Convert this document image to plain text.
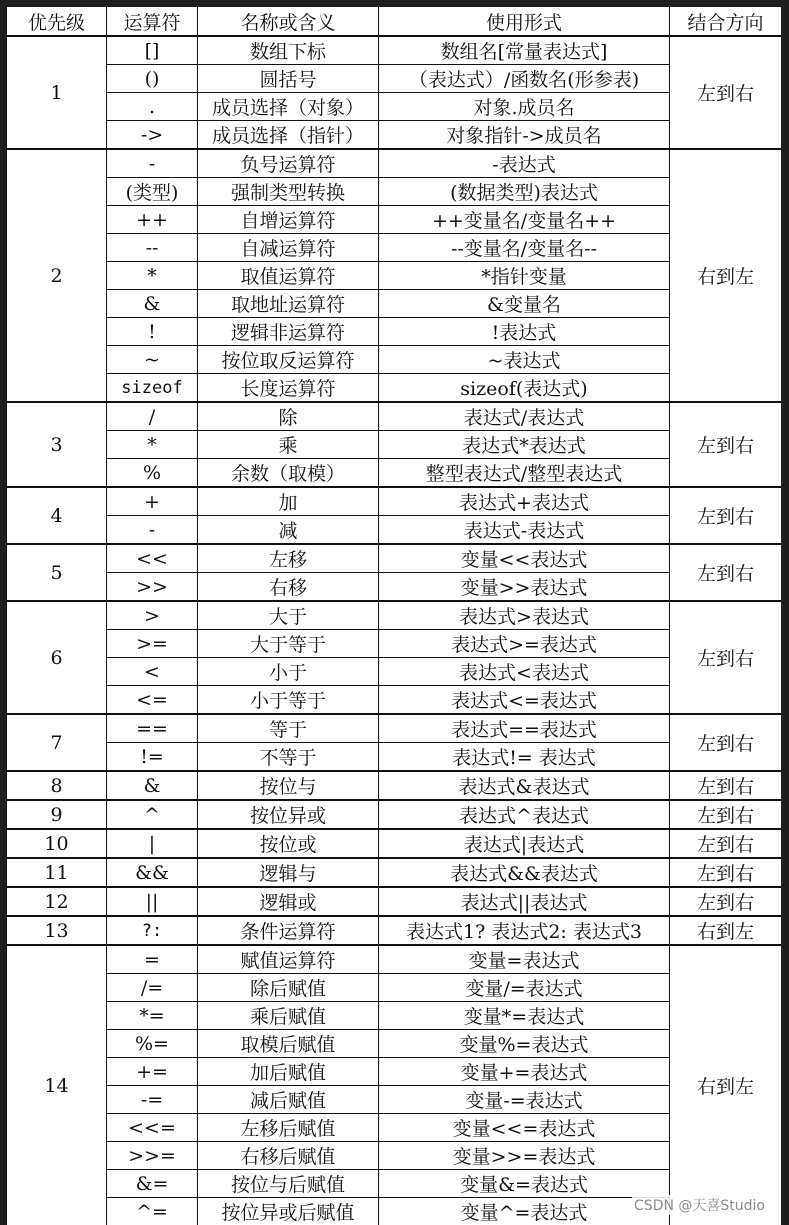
优先级	运算符	名称或含义	使用形式	结合方向
1	[]	数组下标	数组名[常量表达式]	左到右
	()	圆括号	（表达式）/函数名(形参表)	
	.	成员选择（对象）	对象.成员名	
	->	成员选择（指针）	对象指针->成员名	
2	-	负号运算符	-表达式	右到左
	(类型)	强制类型转换	(数据类型)表达式	
	++	自增运算符	++变量名/变量名++	
	--	自减运算符	--变量名/变量名--	
	*	取值运算符	*指针变量	
	&	取地址运算符	&变量名	
	!	逻辑非运算符	!表达式	
	~	按位取反运算符	~表达式	
	sizeof	长度运算符	sizeof(表达式)	
3	/	除	表达式/表达式	左到右
	*	乘	表达式*表达式	
	%	余数（取模）	整型表达式/整型表达式	
4	+	加	表达式+表达式	左到右
	-	减	表达式-表达式	
5	<<	左移	变量<<表达式	左到右
	>>	右移	变量>>表达式	
6	>	大于	表达式>表达式	左到右
	>=	大于等于	表达式>=表达式	
	<	小于	表达式<表达式	
	<=	小于等于	表达式<=表达式	
7	==	等于	表达式==表达式	左到右
	!=	不等于	表达式!= 表达式	
8	&	按位与	表达式&表达式	左到右
9	^	按位异或	表达式^表达式	左到右
10	|	按位或	表达式|表达式	左到右
11	&&	逻辑与	表达式&&表达式	左到右
12	||	逻辑或	表达式||表达式	左到右
13	?:	条件运算符	表达式1? 表达式2: 表达式3	右到左
14	=	赋值运算符	变量=表达式	右到左
	/=	除后赋值	变量/=表达式	
	*=	乘后赋值	变量*=表达式	
	%=	取模后赋值	变量%=表达式	
	+=	加后赋值	变量+=表达式	
	-=	减后赋值	变量-=表达式	
	<<=	左移后赋值	变量<<=表达式	
	>>=	右移后赋值	变量>>=表达式	
	&=	按位与后赋值	变量&=表达式	
	^=	按位异或后赋值	变量^=表达式		CSDN @天喜Studio
